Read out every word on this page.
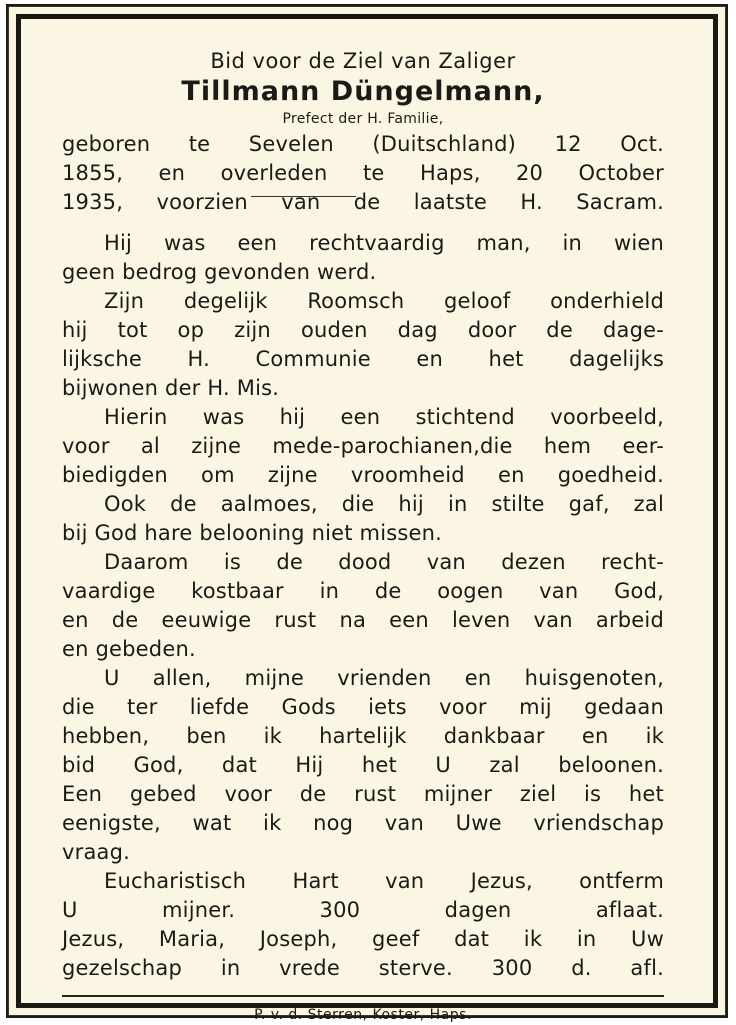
Bid voor de Ziel van Zaliger
Tillmann Düngelmann,
Prefect der H. Familie,
geboren te Sevelen (Duitschland) 12 Oct.
1855, en overleden te Haps, 20 October
1935, voorzien van de laatste H. Sacram.
Hij was een rechtvaardig man, in wien
geen bedrog gevonden werd.
Zijn degelijk Roomsch geloof onderhield
hij tot op zijn ouden dag door de dage-
lijksche H. Communie en het dagelijks
bijwonen der H. Mis.
Hierin was hij een stichtend voorbeeld,
voor al zijne mede-parochianen,die hem eer-
biedigden om zijne vroomheid en goedheid.
Ook de aalmoes, die hij in stilte gaf, zal
bij God hare belooning niet missen.
Daarom is de dood van dezen recht-
vaardige kostbaar in de oogen van God,
en de eeuwige rust na een leven van arbeid
en gebeden.
U allen, mijne vrienden en huisgenoten,
die ter liefde Gods iets voor mij gedaan
hebben, ben ik hartelijk dankbaar en ik
bid God, dat Hij het U zal beloonen.
Een gebed voor de rust mijner ziel is het
eenigste, wat ik nog van Uwe vriendschap
vraag.
Eucharistisch Hart van Jezus, ontferm
U mijner. 300 dagen aflaat.
Jezus, Maria, Joseph, geef dat ik in Uw
gezelschap in vrede sterve. 300 d. afl.
P. v. d. Sterren, Koster, Haps.
